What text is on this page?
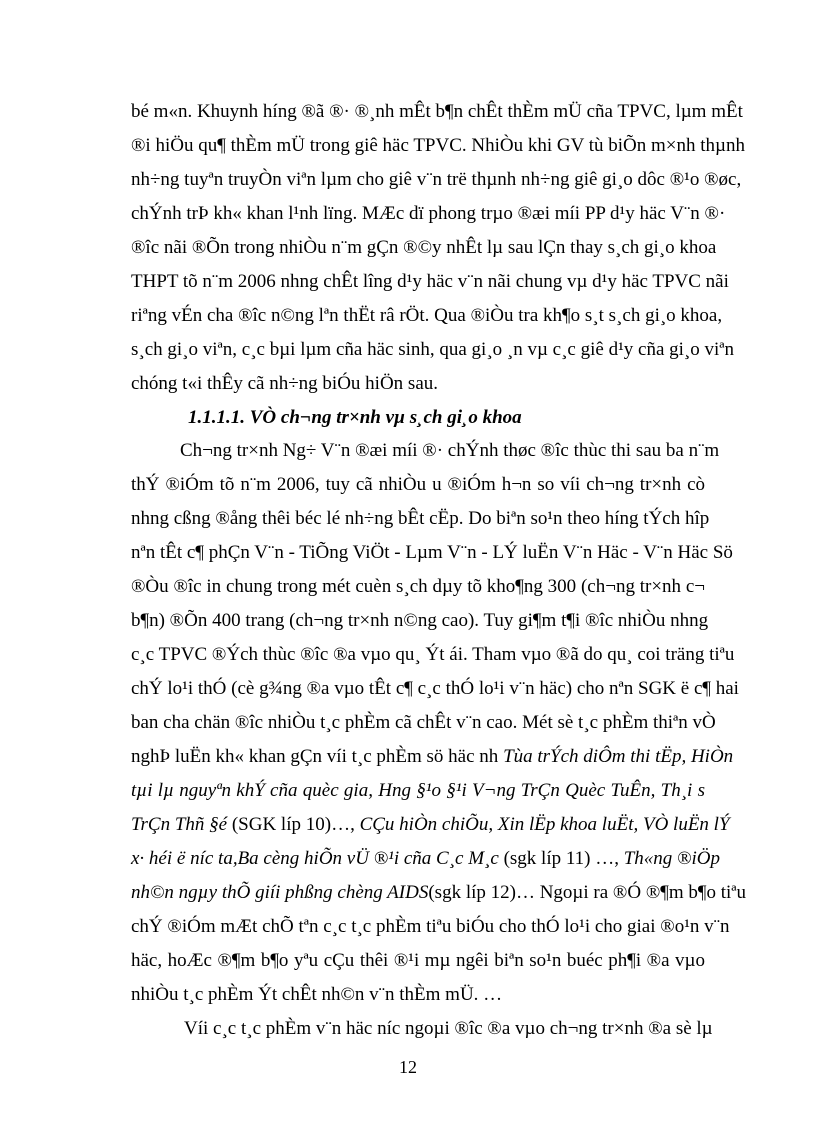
bé m«n. Khuynh híng ®ã ®· ®¸nh mÊt b¶n chÊt thÈm mÜ cña TPVC, lµm mÊt
®i hiÖu qu¶ thÈm mÜ trong giê häc TPVC. NhiÒu khi GV tù biÕn m×nh thµnh
nh÷ng tuyªn truyÒn viªn lµm cho giê v¨n trë thµnh nh÷ng giê gi¸o dôc ®¹o ®øc,
chÝnh trÞ kh« khan l¹nh lïng. MÆc dï phong trµo ®æi míi PP d¹y häc V¨n ®·
®îc nãi ®Õn trong nhiÒu n¨m gÇn ®©y nhÊt lµ sau lÇn thay s¸ch gi¸o khoa
THPT tõ n¨m 2006 nhng chÊt lîng d¹y häc v¨n nãi chung vµ d¹y häc TPVC nãi
riªng vÉn cha ®îc n©ng lªn thËt râ rÖt. Qua ®iÒu tra kh¶o s¸t s¸ch gi¸o khoa,
s¸ch gi¸o viªn, c¸c bµi lµm cña häc sinh, qua gi¸o ¸n vµ c¸c giê d¹y cña gi¸o viªn
chóng t«i thÊy cã nh÷ng biÓu hiÖn sau.
1.1.1.1. VÒ ch¬ng tr×nh vµ s¸ch gi¸o khoa
Ch¬ng tr×nh Ng÷ V¨n ®æi míi ®· chÝnh thøc ®îc thùc thi sau ba n¨m
thÝ ®iÓm tõ n¨m 2006, tuy cã nhiÒu u ®iÓm h¬n so víi ch¬ng tr×nh cò
nhng cßng ®ång thêi béc lé nh÷ng bÊt cËp. Do biªn so¹n theo híng tÝch hîp
nªn tÊt c¶ phÇn V¨n - TiÕng ViÖt - Lµm V¨n - LÝ luËn V¨n Häc - V¨n Häc Sö
®Òu ®îc in chung trong mét cuèn s¸ch dµy tõ kho¶ng 300 (ch¬ng tr×nh c¬
b¶n) ®Õn 400 trang (ch¬ng tr×nh n©ng cao). Tuy gi¶m t¶i ®îc nhiÒu nhng
c¸c TPVC ®Ých thùc ®îc ®a vµo qu¸ Ýt ái. Tham vµo ®ã do qu¸ coi träng tiªu
chÝ lo¹i thÓ (cè g¾ng ®a vµo tÊt c¶ c¸c thÓ lo¹i v¨n häc) cho nªn SGK ë c¶ hai
ban cha chän ®îc nhiÒu t¸c phÈm cã chÊt v¨n cao. Mét sè t¸c phÈm thiªn vÒ
nghÞ luËn kh« khan gÇn víi t¸c phÈm sö häc nh Tùa trÝch diÔm thi tËp, HiÒn
tµi lµ nguyªn khÝ cña quèc gia, Hng §¹o §¹i V¬ng TrÇn Quèc TuÊn, Th¸i s
TrÇn Thñ §é (SGK líp 10)…, CÇu hiÒn chiÕu, Xin lËp khoa luËt, VÒ luËn lÝ
x· héi ë níc ta,Ba cèng hiÕn vÜ ®¹i cña C¸c M¸c (sgk líp 11) …, Th«ng ®iÖp
nh©n ngµy thÕ giíi phßng chèng AIDS(sgk líp 12)… Ngoµi ra ®Ó ®¶m b¶o tiªu
chÝ ®iÓm mÆt chÕ tªn c¸c t¸c phÈm tiªu biÓu cho thÓ lo¹i cho giai ®o¹n v¨n
häc, hoÆc ®¶m b¶o yªu cÇu thêi ®¹i mµ ngêi biªn so¹n buéc ph¶i ®a vµo
nhiÒu t¸c phÈm Ýt chÊt nh©n v¨n thÈm mÜ. …
Víi c¸c t¸c phÈm v¨n häc níc ngoµi ®îc ®a vµo ch¬ng tr×nh ®a sè lµ
12
